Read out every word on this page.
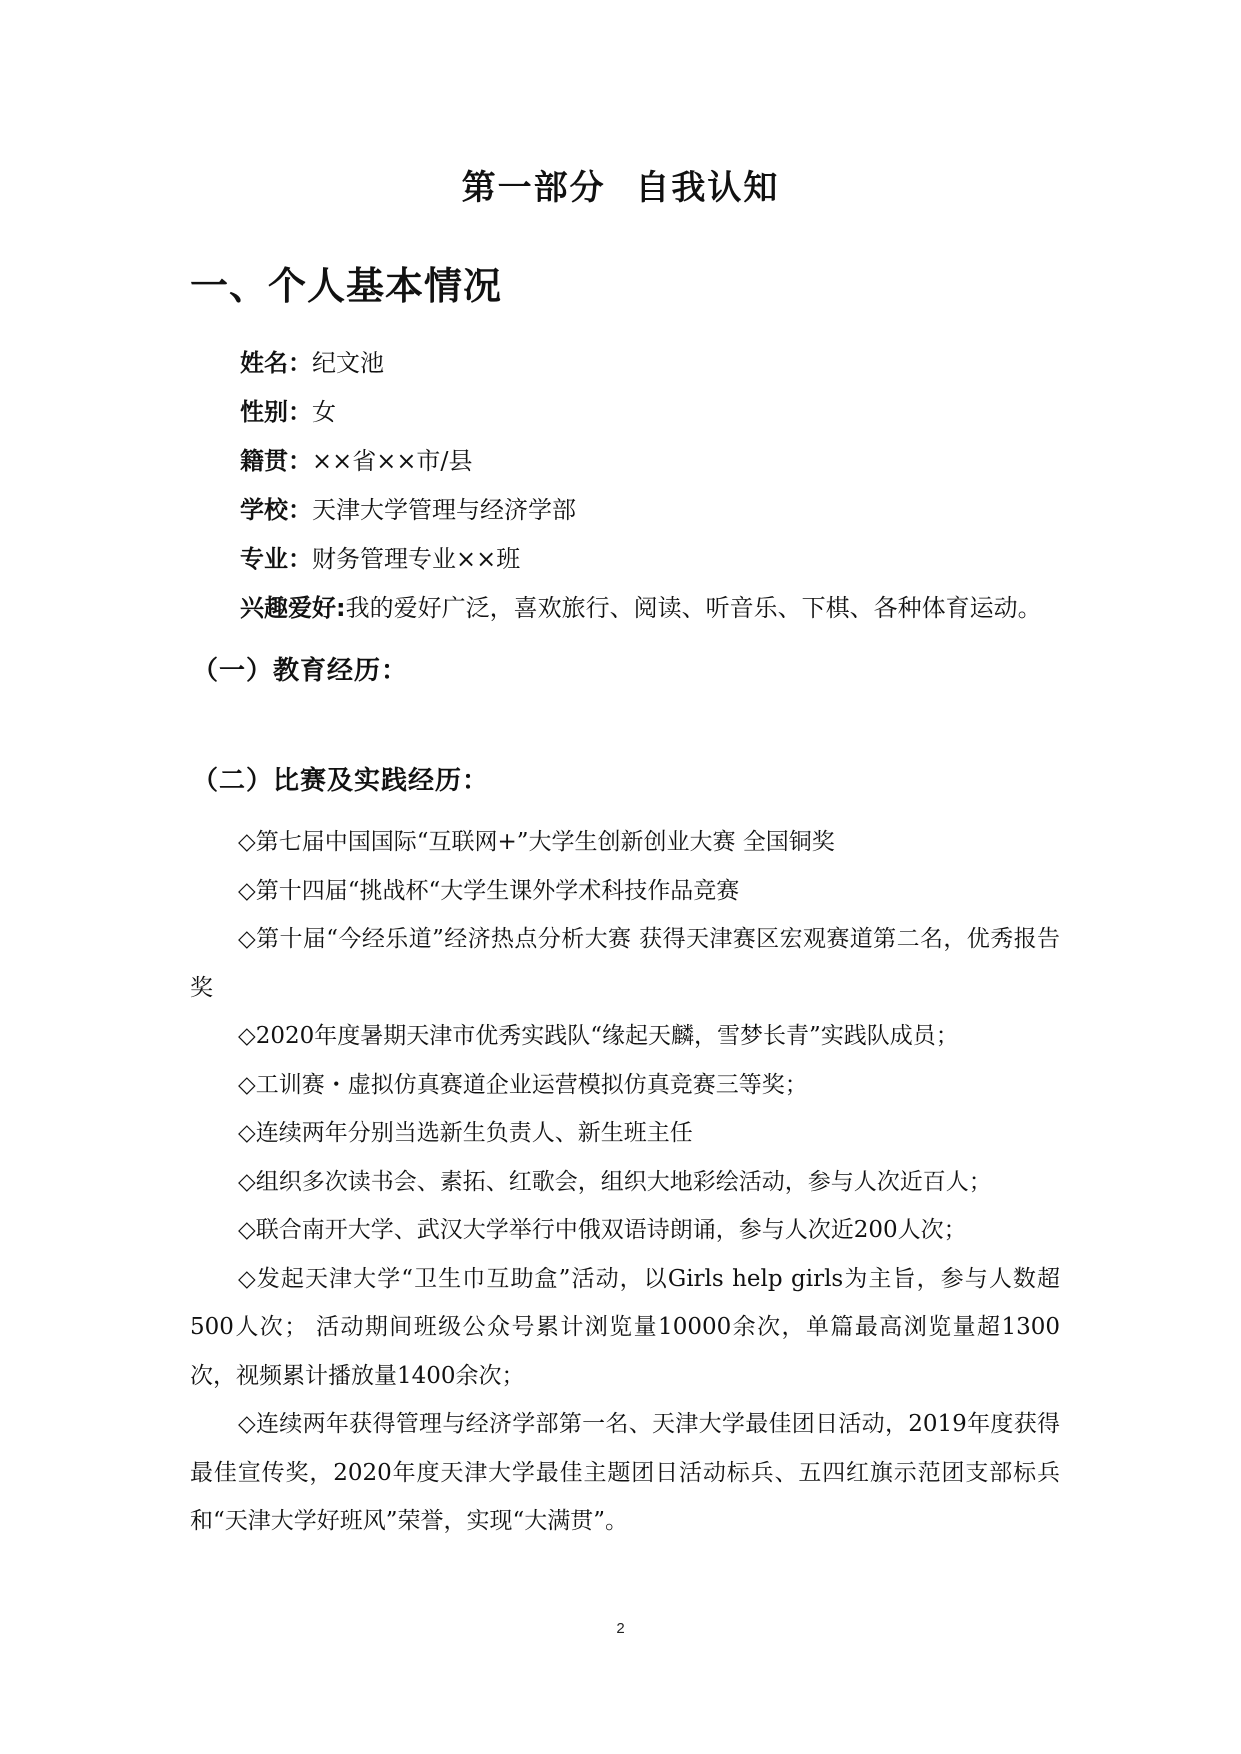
第一部分 自我认知
一、个人基本情况
姓名：纪文池
性别：女
籍贯：××省××市/县
学校：天津大学管理与经济学部
专业：财务管理专业××班
兴趣爱好:我的爱好广泛，喜欢旅行、阅读、听音乐、下棋、各种体育运动。
（一）教育经历：
（二）比赛及实践经历：

◇第七届中国国际“互联网+”大学生创新创业大赛 全国铜奖

◇第十四届“挑战杯“大学生课外学术科技作品竞赛

◇第十届“今经乐道”经济热点分析大赛 获得天津赛区宏观赛道第二名，优秀报告奖

◇2020年度暑期天津市优秀实践队“缘起天麟，雪梦长青”实践队成员；

◇工训赛・虚拟仿真赛道企业运营模拟仿真竞赛三等奖；

◇连续两年分别当选新生负责人、新生班主任

◇组织多次读书会、素拓、红歌会，组织大地彩绘活动，参与人次近百人；

◇联合南开大学、武汉大学举行中俄双语诗朗诵，参与人次近200人次；

◇发起天津大学“卫生巾互助盒”活动，以Girls help girls为主旨，参与人数超500人次； 活动期间班级公众号累计浏览量10000余次，单篇最高浏览量超1300次，视频累计播放量1400余次；

◇连续两年获得管理与经济学部第一名、天津大学最佳团日活动，2019年度获得最佳宣传奖，2020年度天津大学最佳主题团日活动标兵、五四红旗示范团支部标兵和“天津大学好班风”荣誉，实现“大满贯”。

2
